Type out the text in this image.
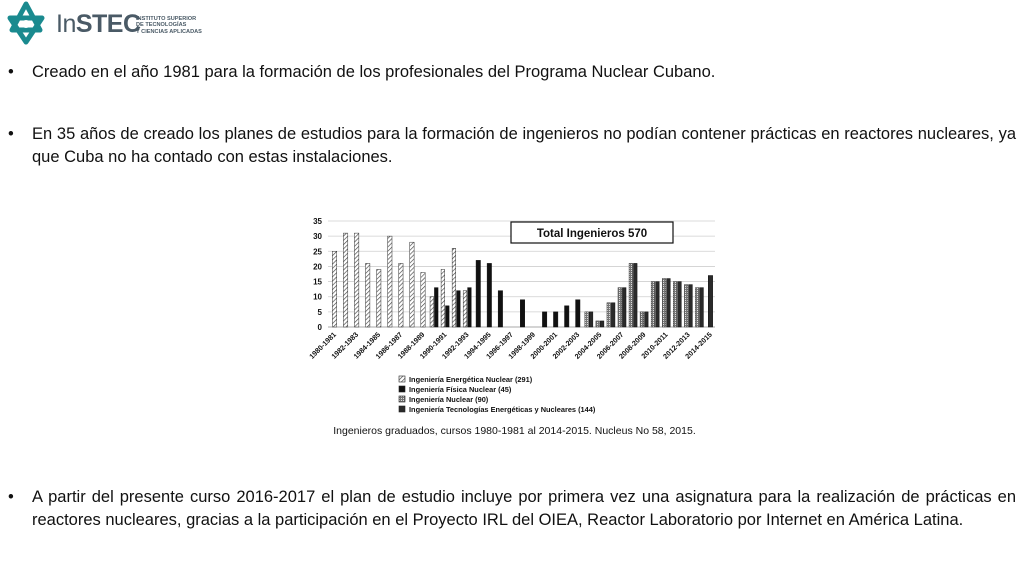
InSTEC
INSTITUTO SUPERIOR
DE TECNOLOGÍAS
Y CIENCIAS APLICADAS
•	Creado en el año 1981 para la formación de los profesionales del Programa Nuclear Cubano.
•	En 35 años de creado los planes de estudios para la formación de ingenieros no podían contener prácticas en reactores nucleares, ya que Cuba no ha contado con estas instalaciones.
0
5
10
15
20
25
30
35
1980-1981
1982-1983
1984-1985
1986-1987
1988-1989
1990-1991
1992-1993
1994-1995
1996-1997
1998-1999
2000-2001
2002-2003
2004-2005
2006-2007
2008-2009
2010-2011
2012-2013
2014-2015
Total Ingenieros 570
Ingeniería Energética Nuclear (291)
Ingeniería Física Nuclear (45)
Ingeniería Nuclear (90)
Ingeniería Tecnologías Energéticas y Nucleares (144)
Ingenieros graduados, cursos 1980-1981 al 2014-2015. Nucleus No 58, 2015.
•	A partir del presente curso 2016-2017 el plan de estudio incluye por primera vez una asignatura para la realización de prácticas en reactores nucleares, gracias a la participación en el Proyecto IRL del OIEA, Reactor Laboratorio por Internet en América Latina.
